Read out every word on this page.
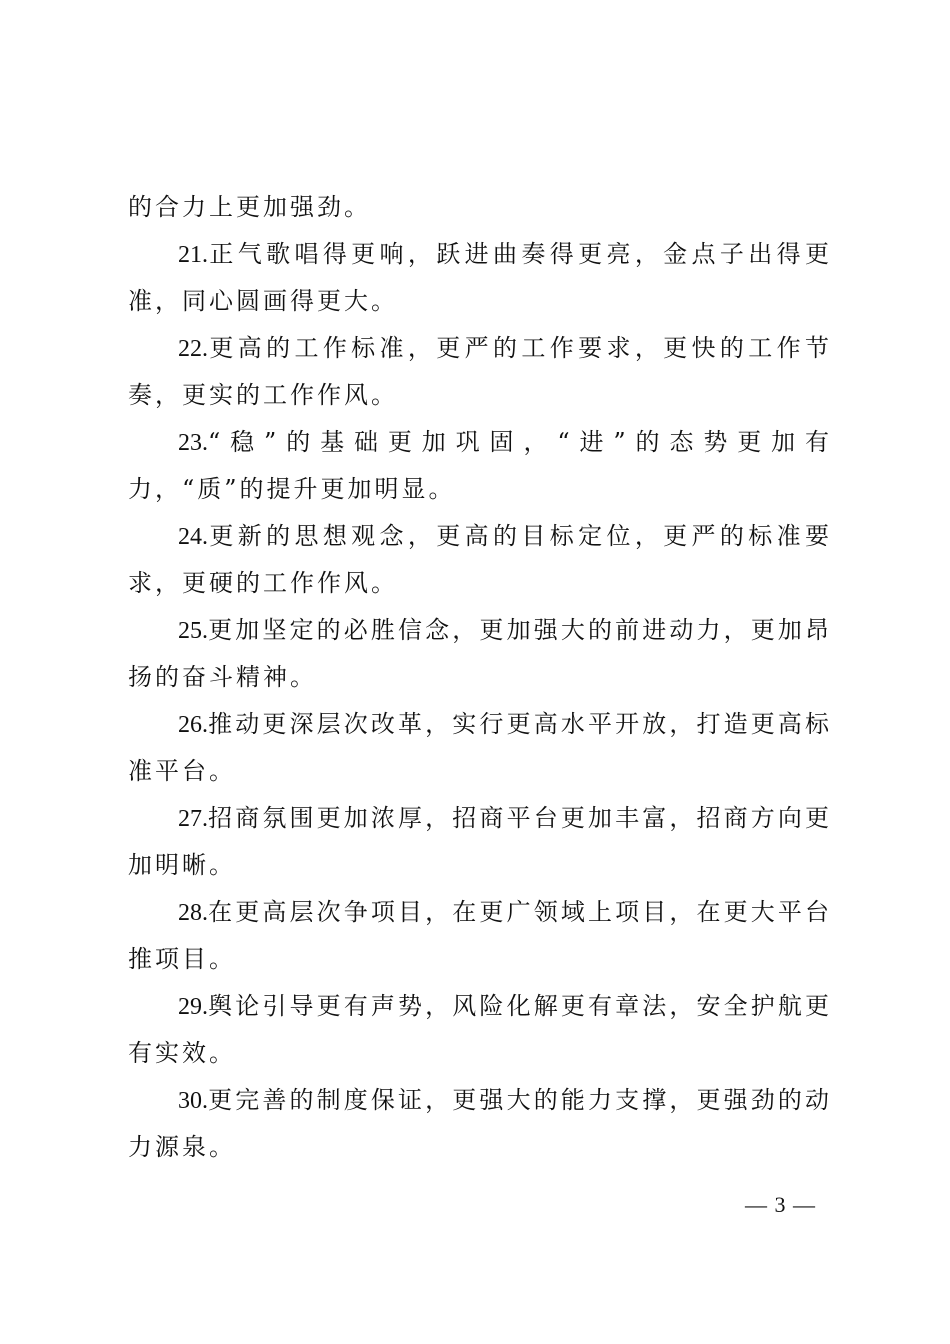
的合力上更加强劲。

21.正气歌唱得更响，跃进曲奏得更亮，金点子出得更准，同心圆画得更大。

22.更高的工作标准，更严的工作要求，更快的工作节奏，更实的工作作风。

23.“稳”的基础更加巩固，“进”的态势更加有力，“质”的提升更加明显。

24.更新的思想观念，更高的目标定位，更严的标准要求，更硬的工作作风。

25.更加坚定的必胜信念，更加强大的前进动力，更加昂扬的奋斗精神。

26.推动更深层次改革，实行更高水平开放，打造更高标准平台。

27.招商氛围更加浓厚，招商平台更加丰富，招商方向更加明晰。

28.在更高层次争项目，在更广领域上项目，在更大平台推项目。

29.舆论引导更有声势，风险化解更有章法，安全护航更有实效。

30.更完善的制度保证，更强大的能力支撑，更强劲的动力源泉。

— 3 —
